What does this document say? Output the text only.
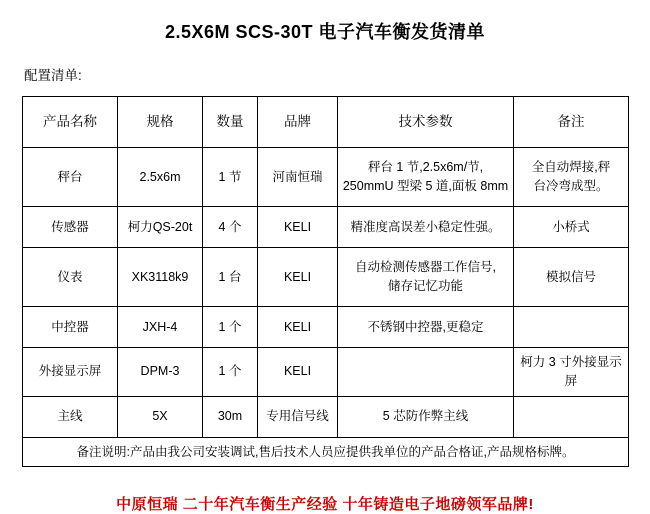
2.5X6M SCS-30T 电子汽车衡发货清单
配置清单:
产品名称	规格	数量	品牌	技术参数	备注
秤台	2.5x6m	1 节	河南恒瑞	秤台 1 节,2.5x6m/节,
250mmU 型梁 5 道,面板 8mm	全自动焊接,秤
台冷弯成型。

传感器	柯力QS-20t	4 个	KELI	精准度高误差小稳定性强。	小桥式
仪表	XK3118k9	1 台	KELI	自动检测传感器工作信号,
储存记忆功能	模拟信号
中控器	JXH-4	1 个	KELI	不锈钢中控器,更稳定	
外接显示屏	DPM-3	1 个	KELI		柯力 3 寸外接显示屏
主线	5X	30m	专用信号线	5 芯防作弊主线	
备注说明:产品由我公司安装调试,售后技术人员应提供我单位的产品合格证,产品规格标牌。					
中原恒瑞 二十年汽车衡生产经验 十年铸造电子地磅领军品牌!
